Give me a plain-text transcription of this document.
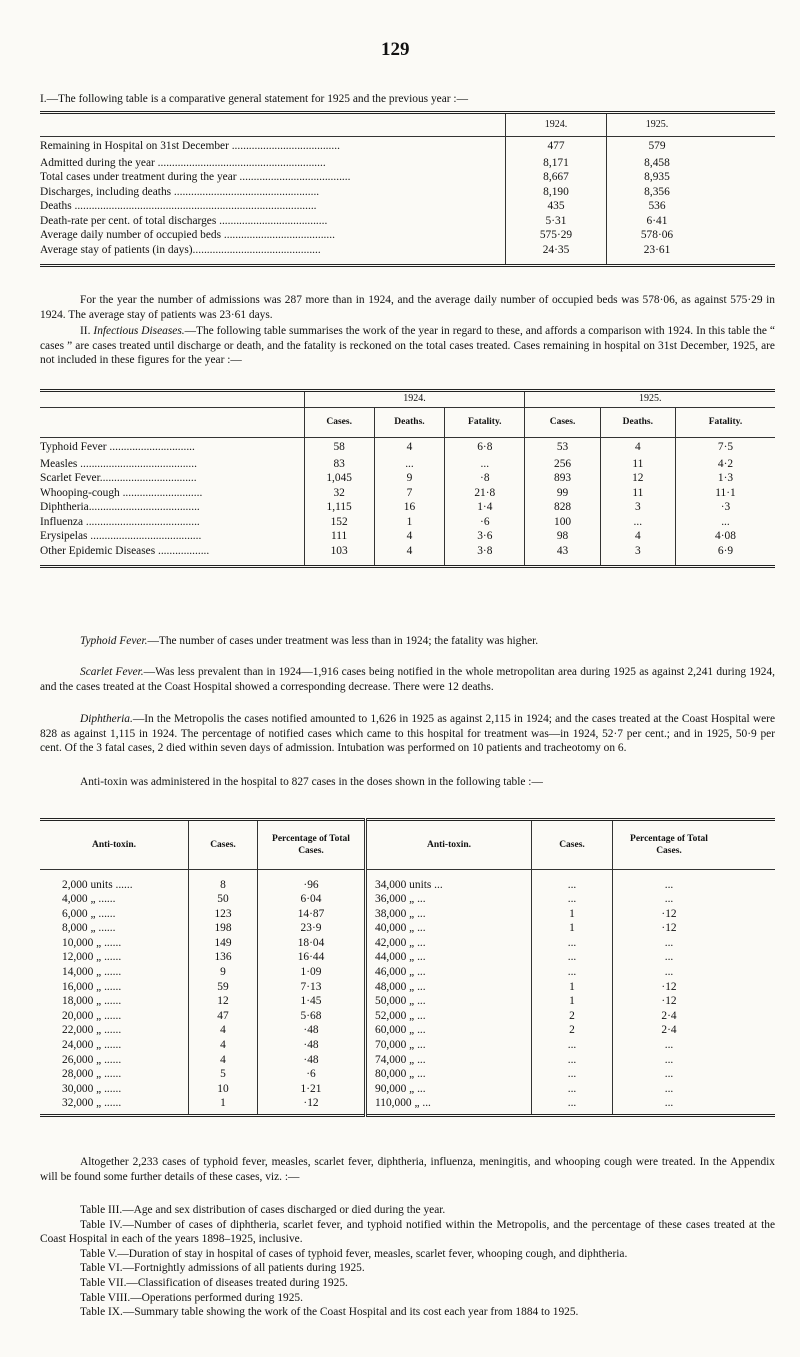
129
I.—The following table is a comparative general statement for 1925 and the previous year :—
	1924.	1925.	
Remaining in Hospital on 31st December ......................................	477	579	
Admitted during the year ...........................................................	8,171	8,458	
Total cases under treatment during the year .......................................	8,667	8,935	
Discharges, including deaths ...................................................	8,190	8,356	
Deaths .....................................................................................	435	536	
Death-rate per cent. of total discharges ......................................	5·31	6·41	
Average daily number of occupied beds .......................................	575·29	578·06	
Average stay of patients (in days).............................................	24·35	23·61	

For the year the number of admissions was 287 more than in 1924, and the average daily number of occupied beds was 578·06, as against 575·29 in 1924. The average stay of patients was 23·61 days.
II. Infectious Diseases.—The following table summarises the work of the year in regard to these, and affords a comparison with 1924. In this table the “ cases ” are cases treated until discharge or death, and the fatality is reckoned on the total cases treated. Cases remaining in hospital on 31st December, 1925, are not included in these figures for the year :—
	1924.			1925.		
	Cases.	Deaths.	Fatality.	Cases.	Deaths.	Fatality.
Typhoid Fever ..............................	58	4	6·8	53	4	7·5
Measles .........................................	83	...	...	256	11	4·2
Scarlet Fever..................................	1,045	9	·8	893	12	1·3
Whooping-cough ............................	32	7	21·8	99	11	11·1
Diphtheria.......................................	1,115	16	1·4	828	3	·3
Influenza ........................................	152	1	·6	100	...	...
Erysipelas .......................................	111	4	3·6	98	4	4·08
Other Epidemic Diseases ..................	103	4	3·8	43	3	6·9

Typhoid Fever.—The number of cases under treatment was less than in 1924; the fatality was higher.
Scarlet Fever.—Was less prevalent than in 1924—1,916 cases being notified in the whole metropolitan area during 1925 as against 2,241 during 1924, and the cases treated at the Coast Hospital showed a corresponding decrease. There were 12 deaths.
Diphtheria.—In the Metropolis the cases notified amounted to 1,626 in 1925 as against 2,115 in 1924; and the cases treated at the Coast Hospital were 828 as against 1,115 in 1924. The percentage of notified cases which came to this hospital for treatment was—in 1924, 52·7 per cent.; and in 1925, 50·9 per cent. Of the 3 fatal cases, 2 died within seven days of admission. Intubation was performed on 10 patients and tracheotomy on 6.
Anti-toxin was administered in the hospital to 827 cases in the doses shown in the following table :—
Anti-toxin.	Cases.	Percentage of Total Cases.	Anti-toxin.	Cases.	Percentage of Total Cases.	

2,000 units ......	8	·96	34,000 units ...	...	...	
4,000 „ ......	50	6·04	36,000 „ ...	...	...	
6,000 „ ......	123	14·87	38,000 „ ...	1	·12	
8,000 „ ......	198	23·9	40,000 „ ...	1	·12	
10,000 „ ......	149	18·04	42,000 „ ...	...	...	
12,000 „ ......	136	16·44	44,000 „ ...	...	...	
14,000 „ ......	9	1·09	46,000 „ ...	...	...	
16,000 „ ......	59	7·13	48,000 „ ...	1	·12	
18,000 „ ......	12	1·45	50,000 „ ...	1	·12	
20,000 „ ......	47	5·68	52,000 „ ...	2	2·4	
22,000 „ ......	4	·48	60,000 „ ...	2	2·4	
24,000 „ ......	4	·48	70,000 „ ...	...	...	
26,000 „ ......	4	·48	74,000 „ ...	...	...	
28,000 „ ......	5	·6	80,000 „ ...	...	...	
30,000 „ ......	10	1·21	90,000 „ ...	...	...	
32,000 „ ......	1	·12	110,000 „ ...	...	...	

Altogether 2,233 cases of typhoid fever, measles, scarlet fever, diphtheria, influenza, meningitis, and whooping cough were treated. In the Appendix will be found some further details of these cases, viz. :—
Table III.—Age and sex distribution of cases discharged or died during the year.
Table IV.—Number of cases of diphtheria, scarlet fever, and typhoid notified within the Metropolis, and the percentage of these cases treated at the Coast Hospital in each of the years 1898–1925, inclusive.
Table V.—Duration of stay in hospital of cases of typhoid fever, measles, scarlet fever, whooping cough, and diphtheria.
Table VI.—Fortnightly admissions of all patients during 1925.
Table VII.—Classification of diseases treated during 1925.
Table VIII.—Operations performed during 1925.
Table IX.—Summary table showing the work of the Coast Hospital and its cost each year from 1884 to 1925.
